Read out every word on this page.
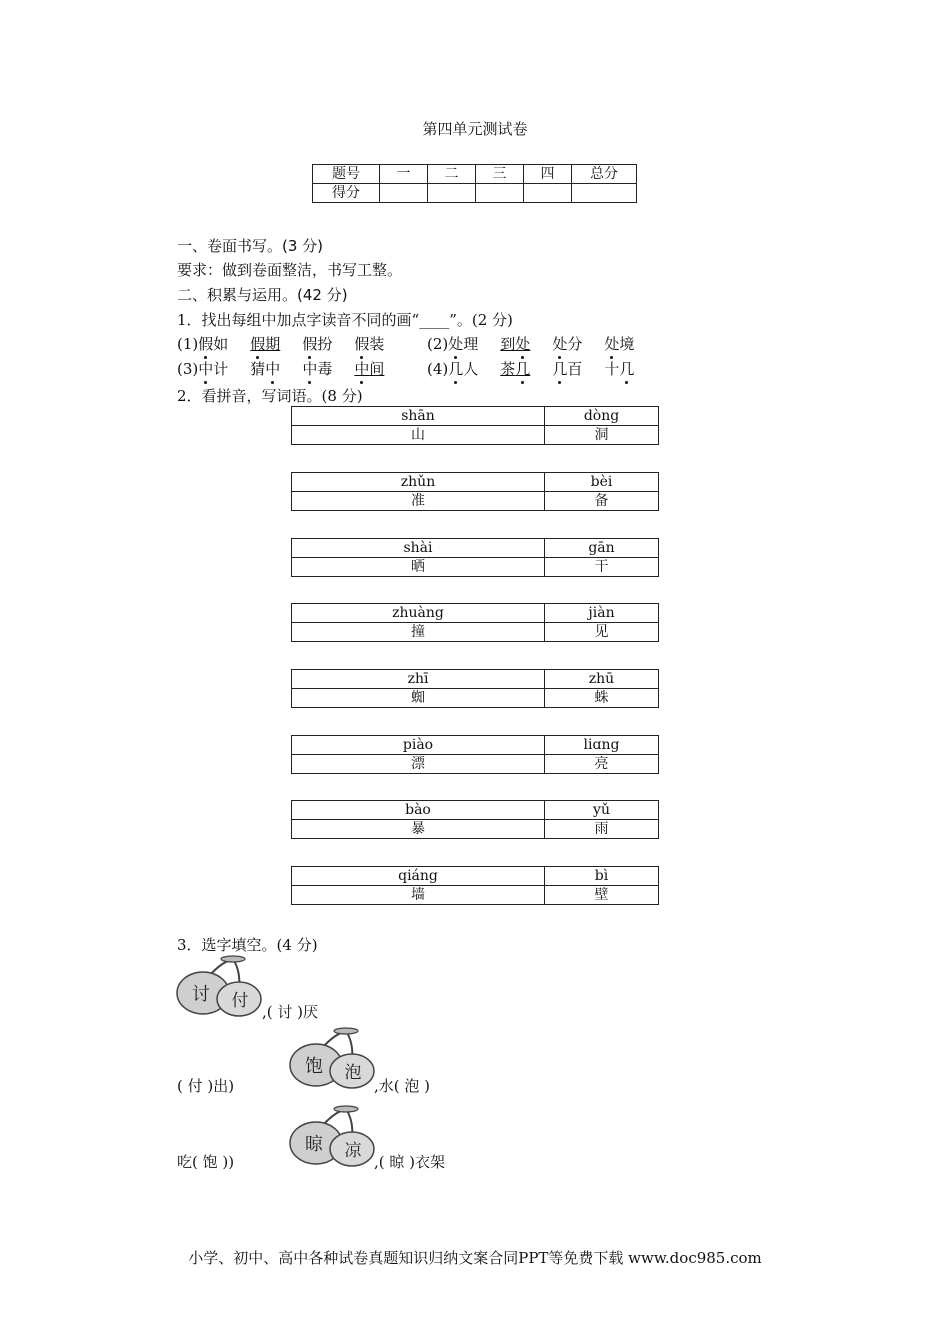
第四单元测试卷
题号	一	二	三	四	总分
得分					
一、卷面书写。(3 分)
要求：做到卷面整洁，书写工整。
二、积累与运用。(42 分)
1．找出每组中加点字读音不同的画“____”。(2 分)
(1)假如 假期 假扮 假装	(2)处理 到处 处分 处境
(3)中计 猜中 中毒 中间	(4)几人 茶几 几百 十几
2．看拼音，写词语。(8 分)
shān	dòng
山	洞
zhǔn	bèi
准	备
shài	gān
晒	干
zhuàng	jiàn
撞	见
zhī	zhū
蜘	蛛
piào	liɑng
漂	亮
bào	yǔ
暴	雨
qiáng	bì
墙	壁
3．选字填空。(4 分)
讨 付
,( 讨 )厌
( 付 )出)
饱 泡
,水( 泡 )
吃( 饱 ))
晾 凉
,( 晾 )衣架
小学、初中、高中各种试卷真题知识归纳文案合同PPT等免费下载 www.doc985.com
